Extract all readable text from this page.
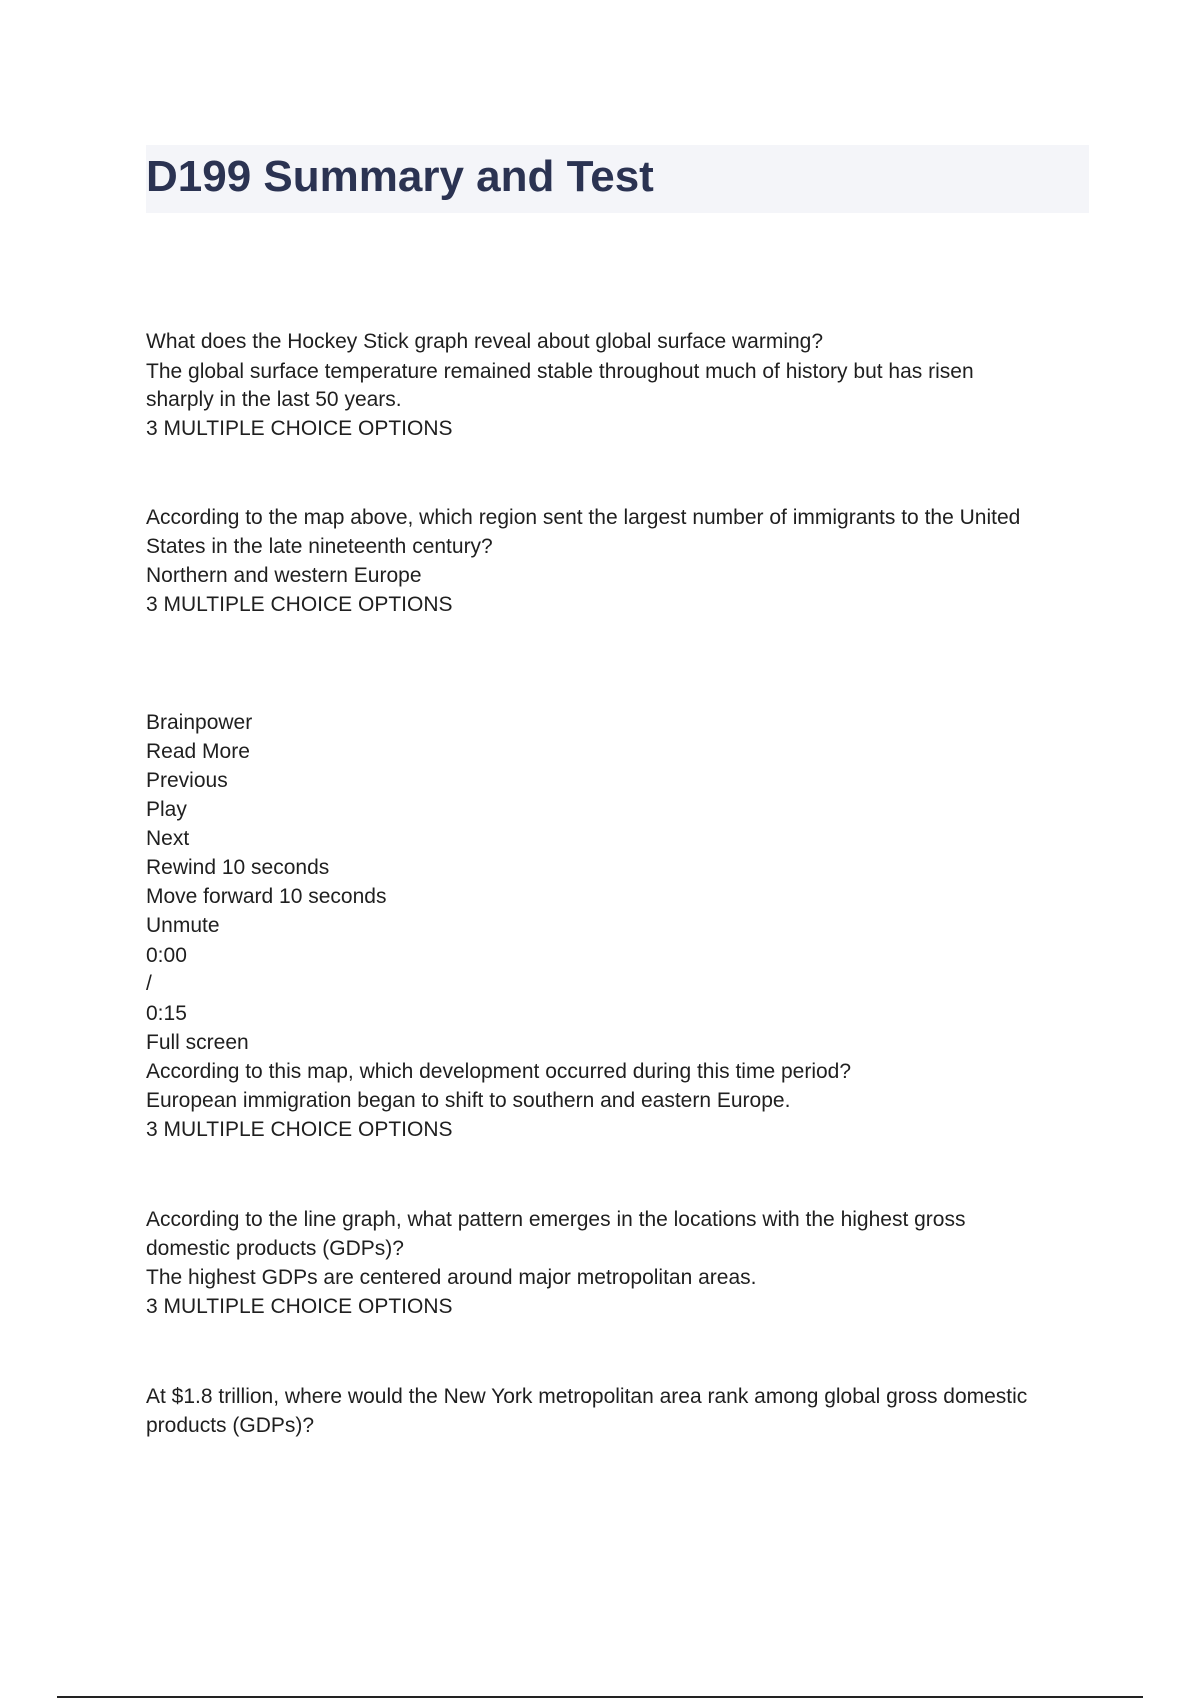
D199 Summary and Test

What does the Hockey Stick graph reveal about global surface warming?

The global surface temperature remained stable throughout much of history but has risen

sharply in the last 50 years.

3 MULTIPLE CHOICE OPTIONS

According to the map above, which region sent the largest number of immigrants to the United

States in the late nineteenth century?

Northern and western Europe

3 MULTIPLE CHOICE OPTIONS

Brainpower

Read More

Previous

Play

Next

Rewind 10 seconds

Move forward 10 seconds

Unmute

0:00

/

0:15

Full screen

According to this map, which development occurred during this time period?

European immigration began to shift to southern and eastern Europe.

3 MULTIPLE CHOICE OPTIONS

According to the line graph, what pattern emerges in the locations with the highest gross

domestic products (GDPs)?

The highest GDPs are centered around major metropolitan areas.

3 MULTIPLE CHOICE OPTIONS

At $1.8 trillion, where would the New York metropolitan area rank among global gross domestic

products (GDPs)?
